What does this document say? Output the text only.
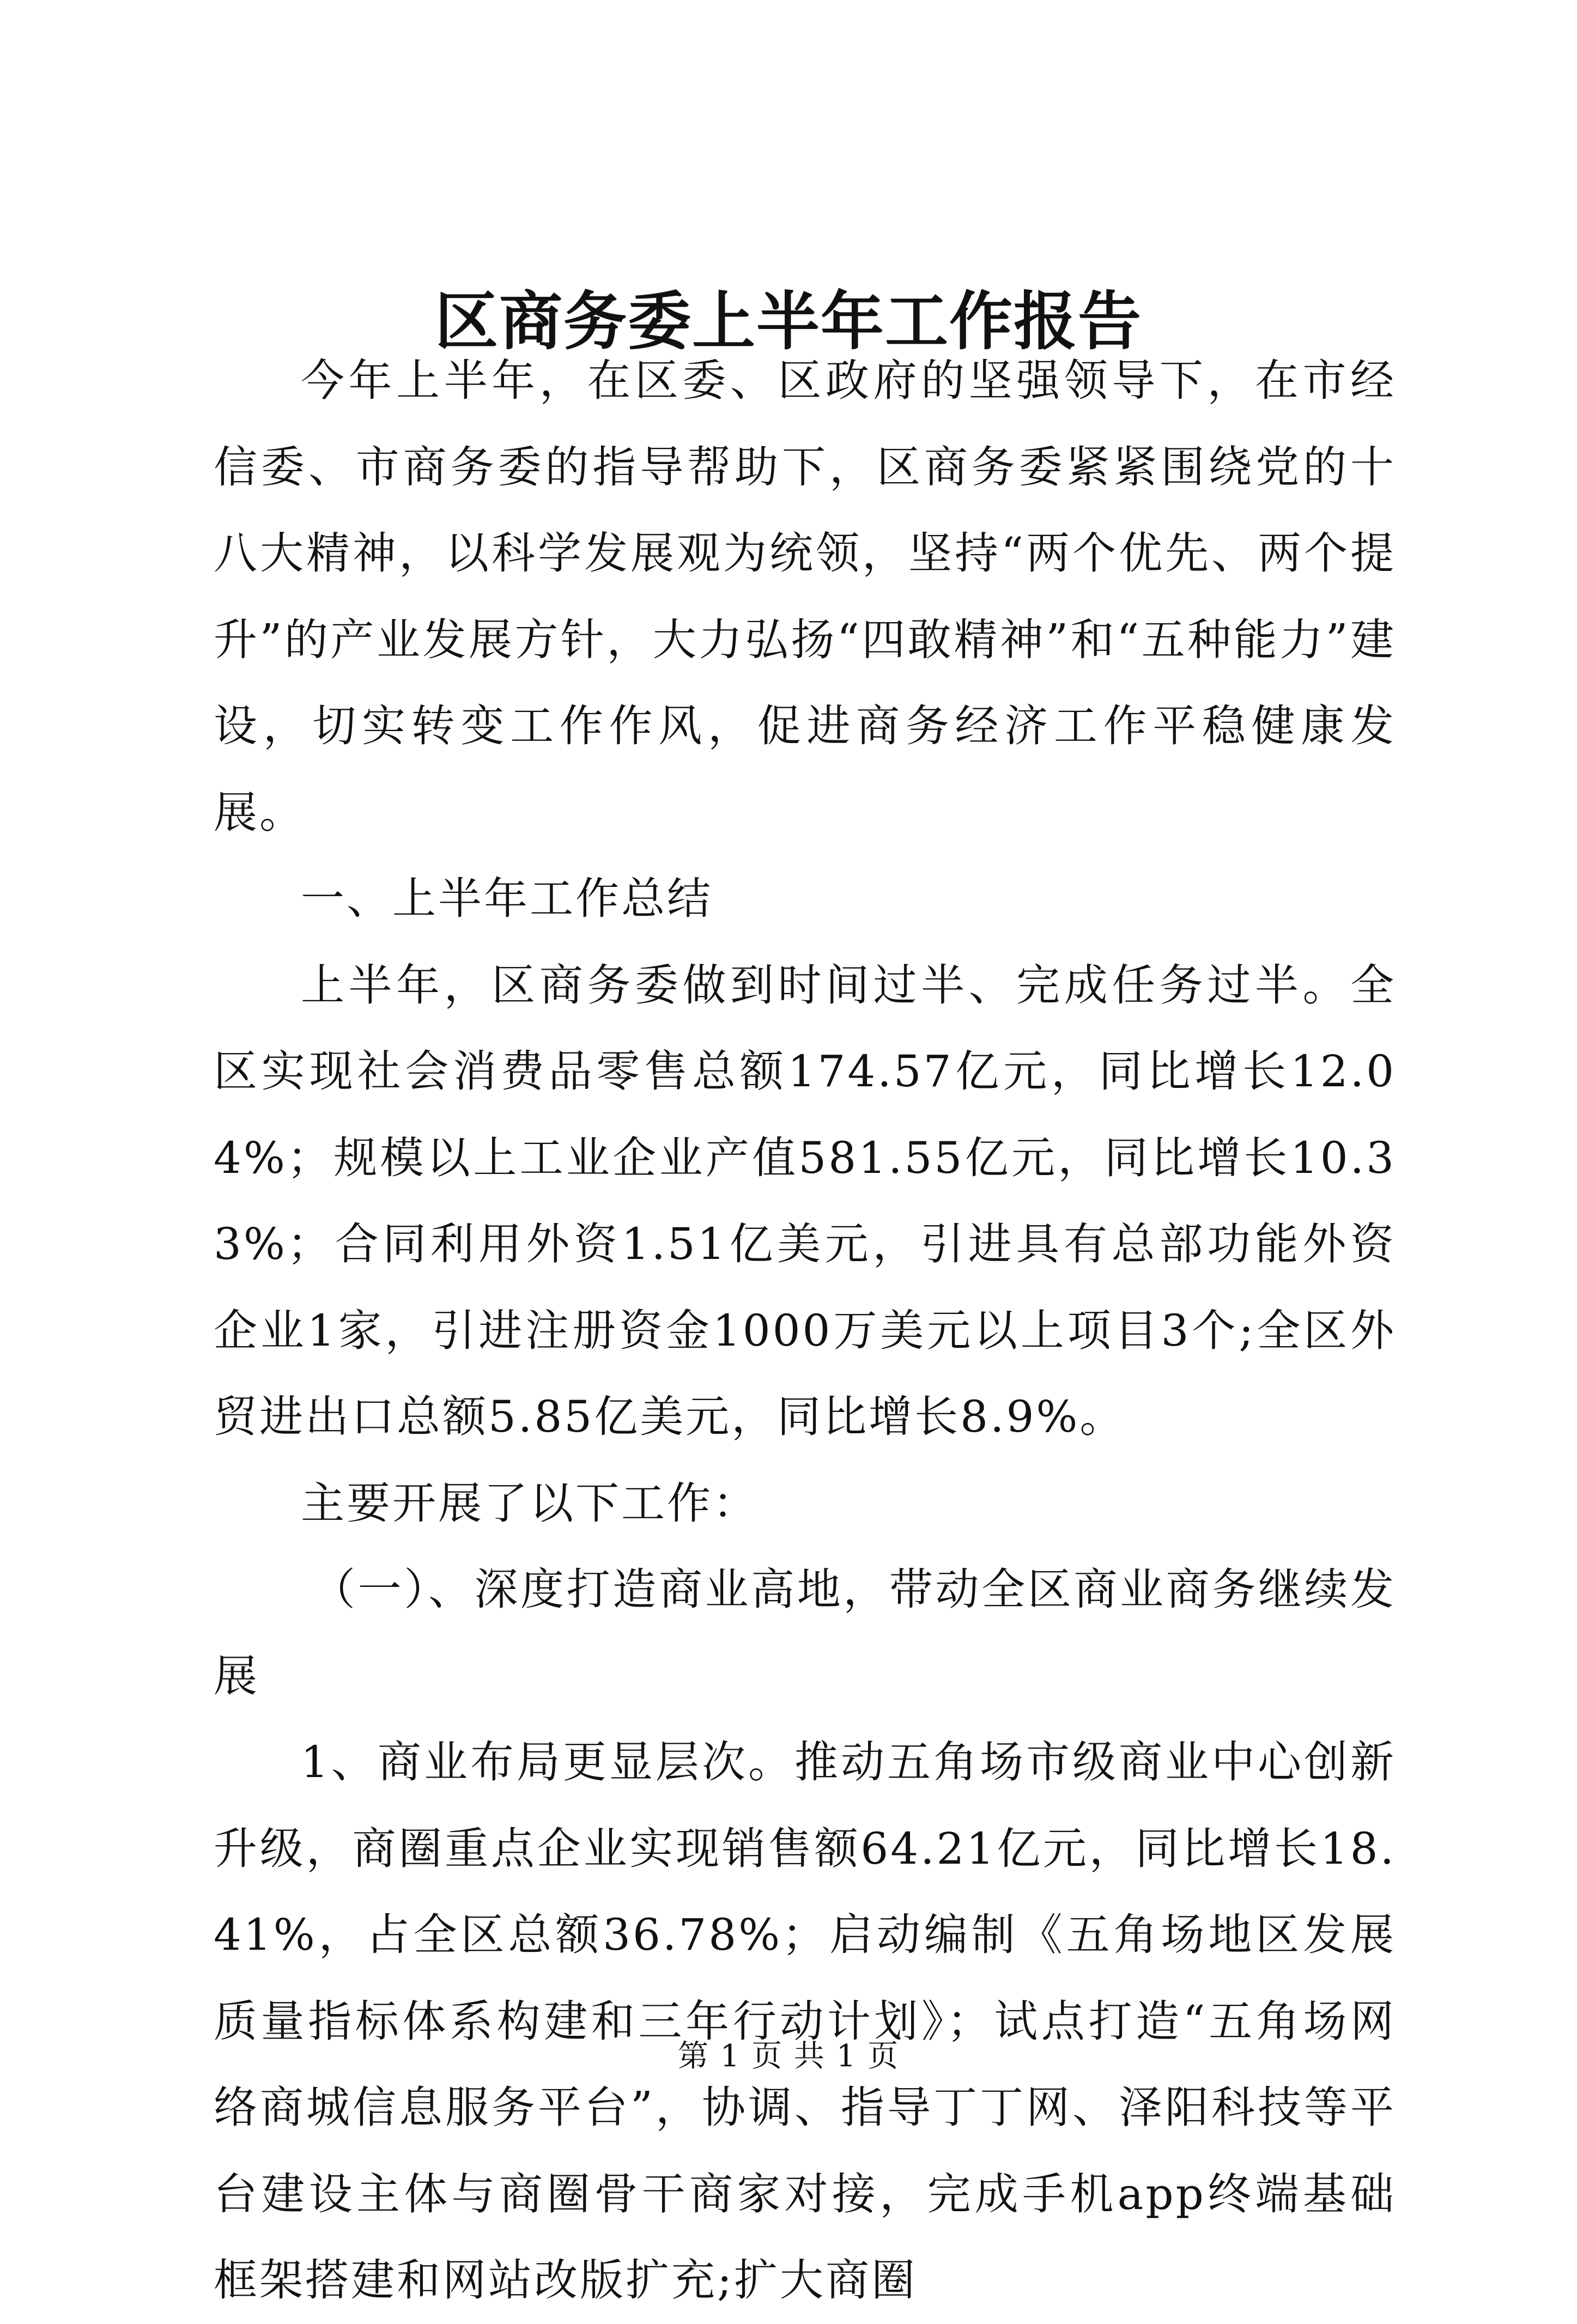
区商务委上半年工作报告

今年上半年，在区委、区政府的坚强领导下，在市经信委、市商务委的指导帮助下，区商务委紧紧围绕党的十八大精神，以科学发展观为统领，坚持“两个优先、两个提升”的产业发展方针，大力弘扬“四敢精神”和“五种能力”建设，切实转变工作作风，促进商务经济工作平稳健康发展。

一、上半年工作总结

上半年，区商务委做到时间过半、完成任务过半。全区实现社会消费品零售总额174.57亿元，同比增长12.04%；规模以上工业企业产值581.55亿元，同比增长10.33%；合同利用外资1.51亿美元，引进具有总部功能外资企业1家，引进注册资金1000万美元以上项目3个;全区外贸进出口总额5.85亿美元，同比增长8.9%。

主要开展了以下工作：

（一）、深度打造商业高地，带动全区商业商务继续发展

1、商业布局更显层次。推动五角场市级商业中心创新升级，商圈重点企业实现销售额64.21亿元，同比增长18.41%，占全区总额36.78%；启动编制《五角场地区发展质量指标体系构建和三年行动计划》；试点打造“五角场网络商城信息服务平台”，协调、指导丁丁网、泽阳科技等平台建设主体与商圈骨干商家对接，完成手机app终端基础框架搭建和网站改版扩充;扩大商圈

第 1 页 共 1 页
